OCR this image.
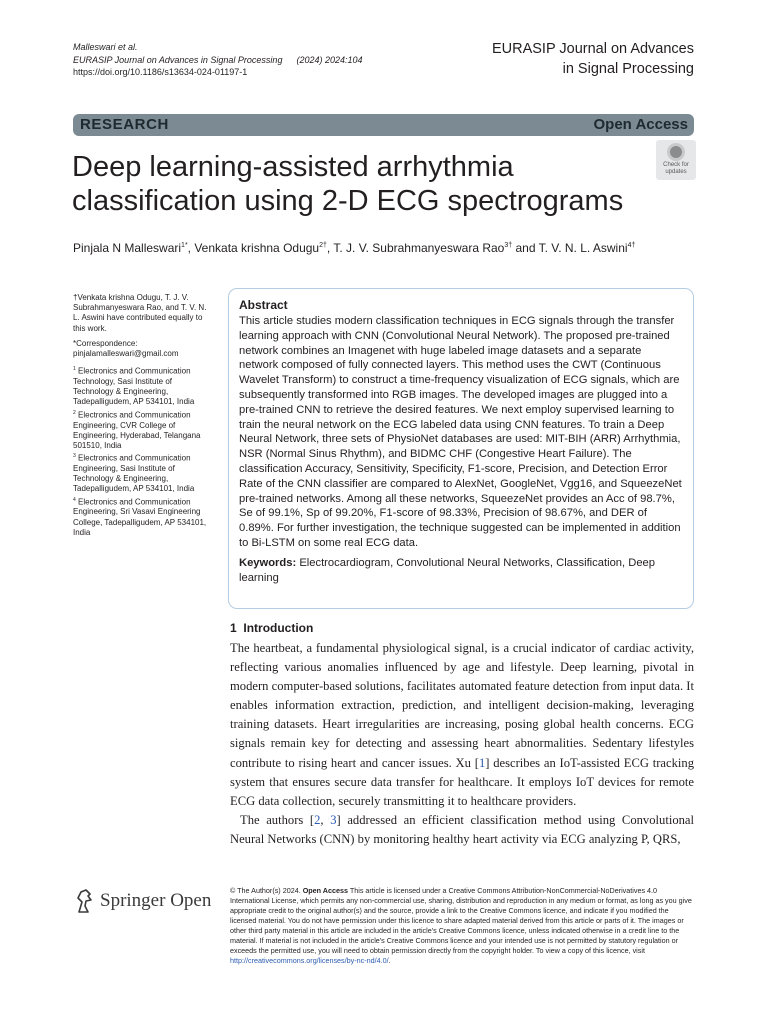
Malleswari et al.
EURASIP Journal on Advances in Signal Processing (2024) 2024:104
https://doi.org/10.1186/s13634-024-01197-1
EURASIP Journal on Advances
in Signal Processing
RESEARCH	Open Access
Deep learning-assisted arrhythmia classification using 2-D ECG spectrograms
Check for
updates
Pinjala N Malleswari$^{1*}$, Venkata krishna Odugu$^{2\dagger}$, T. J. V. Subrahmanyeswara Rao$^{3\dagger}$ and T. V. N. L. Aswini$^{4\dagger}$

†Venkata krishna Odugu, T. J. V. Subrahmanyeswara Rao, and T. V. N. L. Aswini have contributed equally to this work.

*Correspondence:
pinjalamalleswari@gmail.com

$^1$ Electronics and Communication Technology, Sasi Institute of Technology & Engineering, Tadepalligudem, AP 534101, India

$^2$ Electronics and Communication Engineering, CVR College of Engineering, Hyderabad, Telangana 501510, India

$^3$ Electronics and Communication Engineering, Sasi Institute of Technology & Engineering, Tadepalligudem, AP 534101, India

$^4$ Electronics and Communication Engineering, Sri Vasavi Engineering College, Tadepalligudem, AP 534101, India

Abstract
This article studies modern classification techniques in ECG signals through the transfer learning approach with CNN (Convolutional Neural Network). The proposed pre-trained network combines an Imagenet with huge labeled image datasets and a separate network composed of fully connected layers. This method uses the CWT (Continuous Wavelet Transform) to construct a time-frequency visualization of ECG signals, which are subsequently transformed into RGB images. The developed images are plugged into a pre-trained CNN to retrieve the desired features. We next employ supervised learning to train the neural network on the ECG labeled data using CNN features. To train a Deep Neural Network, three sets of PhysioNet databases are used: MIT-BIH (ARR) Arrhythmia, NSR (Normal Sinus Rhythm), and BIDMC CHF (Congestive Heart Failure). The classification Accuracy, Sensitivity, Specificity, F1-score, Precision, and Detection Error Rate of the CNN classifier are compared to AlexNet, GoogleNet, Vgg16, and SqueezeNet pre-trained networks. Among all these networks, SqueezeNet provides an Acc of 98.7%, Se of 99.1%, Sp of 99.20%, F1-score of 98.33%, Precision of 98.67%, and DER of 0.89%. For further investigation, the technique suggested can be implemented in addition to Bi-LSTM on some real ECG data.
Keywords: Electrocardiogram, Convolutional Neural Networks, Classification, Deep learning
1 Introduction

The heartbeat, a fundamental physiological signal, is a crucial indicator of cardiac activity, reflecting various anomalies influenced by age and lifestyle. Deep learning, pivotal in modern computer-based solutions, facilitates automated feature detection from input data. It enables information extraction, prediction, and intelligent decision-making, leveraging training datasets. Heart irregularities are increasing, posing global health concerns. ECG signals remain key for detecting and assessing heart abnormalities. Sedentary lifestyles contribute to rising heart and cancer issues. Xu [1] describes an IoT-assisted ECG tracking system that ensures secure data transfer for healthcare. It employs IoT devices for remote ECG data collection, securely transmitting it to healthcare providers.

The authors [2, 3] addressed an efficient classification method using Convolutional Neural Networks (CNN) by monitoring healthy heart activity via ECG analyzing P, QRS,

Springer Open	© The Author(s) 2024. Open Access This article is licensed under a Creative Commons Attribution-NonCommercial-NoDerivatives 4.0 International License, which permits any non-commercial use, sharing, distribution and reproduction in any medium or format, as long as you give appropriate credit to the original author(s) and the source, provide a link to the Creative Commons licence, and indicate if you modified the licensed material. You do not have permission under this licence to share adapted material derived from this article or parts of it. The images or other third party material in this article are included in the article's Creative Commons licence, unless indicated otherwise in a credit line to the material. If material is not included in the article's Creative Commons licence and your intended use is not permitted by statutory regulation or exceeds the permitted use, you will need to obtain permission directly from the copyright holder. To view a copy of this licence, visit http://creativecommons.org/licenses/by-nc-nd/4.0/.
